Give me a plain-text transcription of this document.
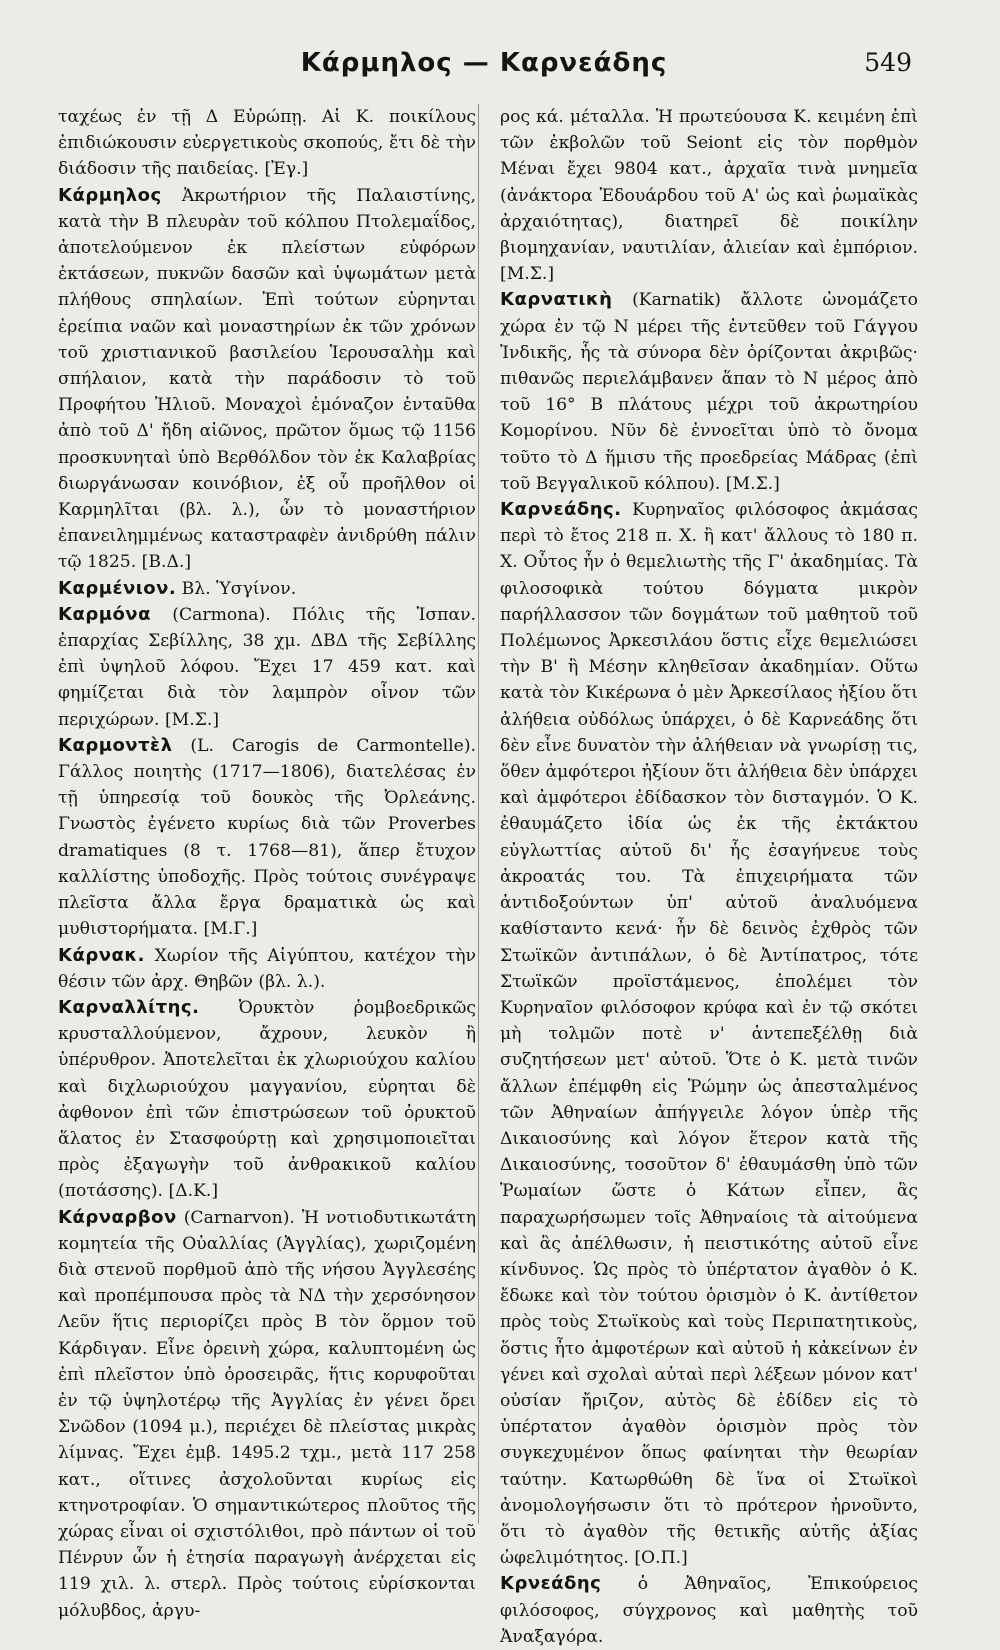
Κάρμηλος — Καρνεάδης	549

ταχέως ἐν τῇ Δ Εὐρώπῃ. Αἱ Κ. ποικίλους ἐπιδιώκουσιν εὐεργετικοὺς σκοπούς, ἔτι δὲ τὴν διάδοσιν τῆς παιδείας. [Ἐγ.]

Κάρμηλος Ἀκρωτήριον τῆς Παλαιστίνης, κατὰ τὴν Β πλευρὰν τοῦ κόλπου Πτολεμαΐδος, ἀποτελούμενον ἐκ πλείστων εὐφόρων ἐκτάσεων, πυκνῶν δασῶν καὶ ὑψωμάτων μετὰ πλήθους σπηλαίων. Ἐπὶ τούτων εὑρηνται ἐρείπια ναῶν καὶ μοναστηρίων ἐκ τῶν χρόνων τοῦ χριστιανικοῦ βασιλείου Ἱερουσαλὴμ καὶ σπήλαιον, κατὰ τὴν παράδοσιν τὸ τοῦ Προφήτου Ἠλιοῦ. Μοναχοὶ ἐμόναζον ἐνταῦθα ἀπὸ τοῦ Δ' ἤδη αἰῶνος, πρῶτον ὅμως τῷ 1156 προσκυνηταὶ ὑπὸ Βερθόλδον τὸν ἐκ Καλαβρίας διωργάνωσαν κοινόβιον, ἐξ οὗ προῆλθον οἱ Καρμηλῖται (βλ. λ.), ὧν τὸ μοναστήριον ἐπανειλημμένως καταστραφὲν ἀνιδρύθη πάλιν τῷ 1825. [Β.Δ.]

Καρμένιον. Βλ. Ὑσγίνον.

Καρμόνα (Carmona). Πόλις τῆς Ἱσπαν. ἐπαρχίας Σεβίλλης, 38 χμ. ΔΒΔ τῆς Σεβίλλης ἐπὶ ὑψηλοῦ λόφου. Ἔχει 17 459 κατ. καὶ φημίζεται διὰ τὸν λαμπρὸν οἶνον τῶν περιχώρων. [Μ.Σ.]

Καρμοντὲλ (L. Carogis de Carmontelle). Γάλλος ποιητὴς (1717—1806), διατελέσας ἐν τῇ ὑπηρεσίᾳ τοῦ δουκὸς τῆς Ὀρλεάνης. Γνωστὸς ἐγένετο κυρίως διὰ τῶν Proverbes dramatiques (8 τ. 1768—81), ἅπερ ἔτυχον καλλίστης ὑποδοχῆς. Πρὸς τούτοις συνέγραψε πλεῖστα ἄλλα ἔργα δραματικὰ ὡς καὶ μυθιστορήματα. [Μ.Γ.]

Κάρνακ. Χωρίον τῆς Αἰγύπτου, κατέχον τὴν θέσιν τῶν ἀρχ. Θηβῶν (βλ. λ.).

Καρναλλίτης. Ὀρυκτὸν ῥομβοεδρικῶς κρυσταλλούμενον, ἄχρουν, λευκὸν ἢ ὑπέρυθρον. Ἀποτελεῖται ἐκ χλωριούχου καλίου καὶ διχλωριούχου μαγγανίου, εὑρηται δὲ ἀφθονον ἐπὶ τῶν ἐπιστρώσεων τοῦ ὀρυκτοῦ ἅλατος ἐν Στασφούρτῃ καὶ χρησιμοποιεῖται πρὸς ἐξαγωγὴν τοῦ ἀνθρακικοῦ καλίου (ποτάσσης). [Δ.Κ.]

Κάρναρβον (Carnarvon). Ἡ νοτιοδυτικωτάτη κομητεία τῆς Οὐαλλίας (Ἀγγλίας), χωριζομένη διὰ στενοῦ πορθμοῦ ἀπὸ τῆς νήσου Ἀγγλεσέης καὶ προπέμπουσα πρὸς τὰ ΝΔ τὴν χερσόνησον Λεῦν ἥτις περιορίζει πρὸς Β τὸν ὅρμον τοῦ Κάρδιγαν. Εἶνε ὀρεινὴ χώρα, καλυπτομένη ὡς ἐπὶ πλεῖστον ὑπὸ ὀροσειρᾶς, ἥτις κορυφοῦται ἐν τῷ ὑψηλοτέρῳ τῆς Ἀγγλίας ἐν γένει ὄρει Σνῶδον (1094 μ.), περιέχει δὲ πλείστας μικρὰς λίμνας. Ἔχει ἐμβ. 1495.2 τχμ., μετὰ 117 258 κατ., οἵτινες ἀσχολοῦνται κυρίως εἰς κτηνοτροφίαν. Ὁ σημαντικώτερος πλοῦτος τῆς χώρας εἶναι οἱ σχιστόλιθοι, πρὸ πάντων οἱ τοῦ Πένρυν ὧν ἡ ἐτησία παραγωγὴ ἀνέρχεται εἰς 119 χιλ. λ. στερλ. Πρὸς τούτοις εὑρίσκονται μόλυβδος, ἀργυ-

ρος κά. μέταλλα. Ἡ πρωτεύουσα Κ. κειμένη ἐπὶ τῶν ἐκβολῶν τοῦ Seiont εἰς τὸν πορθμὸν Μέναι ἔχει 9804 κατ., ἀρχαῖα τινὰ μνημεῖα (ἀνάκτορα Ἐδουάρδου τοῦ Α' ὡς καὶ ῥωμαϊκὰς ἀρχαιότητας), διατηρεῖ δὲ ποικίλην βιομηχανίαν, ναυτιλίαν, ἁλιείαν καὶ ἐμπόριον. [Μ.Σ.]

Καρνατικὴ (Karnatik) ἄλλοτε ὠνομάζετο χώρα ἐν τῷ Ν μέρει τῆς ἐντεῦθεν τοῦ Γάγγου Ἰνδικῆς, ἧς τὰ σύνορα δὲν ὁρίζονται ἀκριβῶς· πιθανῶς περιελάμβανεν ἅπαν τὸ Ν μέρος ἀπὸ τοῦ 16° Β πλάτους μέχρι τοῦ ἀκρωτηρίου Κομορίνου. Νῦν δὲ ἐννοεῖται ὑπὸ τὸ ὄνομα τοῦτο τὸ Δ ἥμισυ τῆς προεδρείας Μάδρας (ἐπὶ τοῦ Βεγγαλικοῦ κόλπου). [Μ.Σ.]

Καρνεάδης. Κυρηναῖος φιλόσοφος ἀκμάσας περὶ τὸ ἔτος 218 π. Χ. ἢ κατ' ἄλλους τὸ 180 π. Χ. Οὗτος ἦν ὁ θεμελιωτὴς τῆς Γ' ἀκαδημίας. Τὰ φιλοσοφικὰ τούτου δόγματα μικρὸν παρήλλασσον τῶν δογμάτων τοῦ μαθητοῦ τοῦ Πολέμωνος Ἀρκεσιλάου ὅστις εἶχε θεμελιώσει τὴν Β' ἢ Μέσην κληθεῖσαν ἀκαδημίαν. Οὕτω κατὰ τὸν Κικέρωνα ὁ μὲν Ἀρκεσίλαος ἠξίου ὅτι ἀλήθεια οὐδόλως ὑπάρχει, ὁ δὲ Καρνεάδης ὅτι δὲν εἶνε δυνατὸν τὴν ἀλήθειαν νὰ γνωρίσῃ τις, ὅθεν ἀμφότεροι ἠξίουν ὅτι ἀλήθεια δὲν ὑπάρχει καὶ ἀμφότεροι ἐδίδασκον τὸν δισταγμόν. Ὁ Κ. ἐθαυμάζετο ἰδία ὡς ἐκ τῆς ἐκτάκτου εὐγλωττίας αὐτοῦ δι' ἧς ἐσαγήνευε τοὺς ἀκροατάς του. Τὰ ἐπιχειρήματα τῶν ἀντιδοξούντων ὑπ' αὐτοῦ ἀναλυόμενα καθίσταντο κενά· ἦν δὲ δεινὸς ἐχθρὸς τῶν Στωϊκῶν ἀντιπάλων, ὁ δὲ Ἀντίπατρος, τότε Στωϊκῶν προϊστάμενος, ἐπολέμει τὸν Κυρηναῖον φιλόσοφον κρύφα καὶ ἐν τῷ σκότει μὴ τολμῶν ποτὲ ν' ἀντεπεξέλθῃ διὰ συζητήσεων μετ' αὐτοῦ. Ὅτε ὁ Κ. μετὰ τινῶν ἄλλων ἐπέμφθη εἰς Ῥώμην ὡς ἀπεσταλμένος τῶν Ἀθηναίων ἀπήγγειλε λόγον ὑπὲρ τῆς Δικαιοσύνης καὶ λόγον ἕτερον κατὰ τῆς Δικαιοσύνης, τοσοῦτον δ' ἐθαυμάσθη ὑπὸ τῶν Ῥωμαίων ὥστε ὁ Κάτων εἶπεν, ἂς παραχωρήσωμεν τοῖς Ἀθηναίοις τὰ αἰτούμενα καὶ ἂς ἀπέλθωσιν, ἡ πειστικότης αὐτοῦ εἶνε κίνδυνος. Ὡς πρὸς τὸ ὑπέρτατον ἀγαθὸν ὁ Κ. ἔδωκε καὶ τὸν τούτου ὁρισμὸν ὁ Κ. ἀντίθετον πρὸς τοὺς Στωϊκοὺς καὶ τοὺς Περιπατητικοὺς, ὅστις ἦτο ἀμφοτέρων καὶ αὐτοῦ ἡ κἀκείνων ἐν γένει καὶ σχολαὶ αὐταὶ περὶ λέξεων μόνον κατ' οὐσίαν ἤριζον, αὐτὸς δὲ ἐδίδεν εἰς τὸ ὑπέρτατον ἀγαθὸν ὁρισμὸν πρὸς τὸν συγκεχυμένον ὅπως φαίνηται τὴν θεωρίαν ταύτην. Κατωρθώθη δὲ ἵνα οἱ Στωϊκοὶ ἀνομολογήσωσιν ὅτι τὸ πρότερον ἠρνοῦντο, ὅτι τὸ ἀγαθὸν τῆς θετικῆς αὐτῆς ἀξίας ὠφελιμότητος. [Ο.Π.]

Κρνεάδης ὁ Ἀθηναῖος, Ἐπικούρειος φιλόσοφος, σύγχρονος καὶ μαθητὴς τοῦ Ἀναξαγόρα.
